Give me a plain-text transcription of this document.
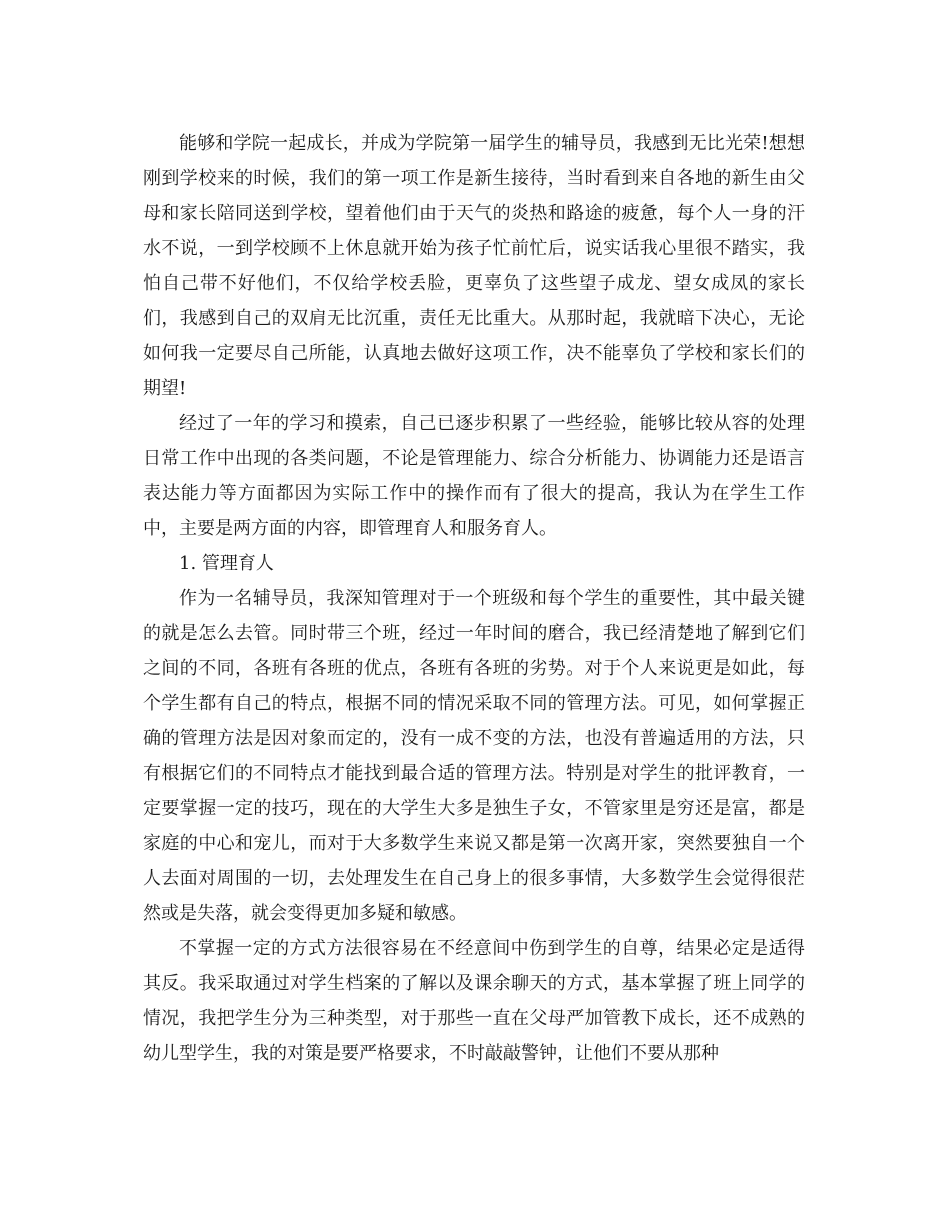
能够和学院一起成长，并成为学院第一届学生的辅导员，我感到无比光荣!想想刚到学校来的时候，我们的第一项工作是新生接待，当时看到来自各地的新生由父母和家长陪同送到学校，望着他们由于天气的炎热和路途的疲惫，每个人一身的汗水不说，一到学校顾不上休息就开始为孩子忙前忙后，说实话我心里很不踏实，我怕自己带不好他们，不仅给学校丢脸，更辜负了这些望子成龙、望女成凤的家长们，我感到自己的双肩无比沉重，责任无比重大。从那时起，我就暗下决心，无论如何我一定要尽自己所能，认真地去做好这项工作，决不能辜负了学校和家长们的期望!

经过了一年的学习和摸索，自己已逐步积累了一些经验，能够比较从容的处理日常工作中出现的各类问题，不论是管理能力、综合分析能力、协调能力还是语言表达能力等方面都因为实际工作中的操作而有了很大的提高，我认为在学生工作中，主要是两方面的内容，即管理育人和服务育人。

1. 管理育人

作为一名辅导员，我深知管理对于一个班级和每个学生的重要性，其中最关键的就是怎么去管。同时带三个班，经过一年时间的磨合，我已经清楚地了解到它们之间的不同，各班有各班的优点，各班有各班的劣势。对于个人来说更是如此，每个学生都有自己的特点，根据不同的情况采取不同的管理方法。可见，如何掌握正确的管理方法是因对象而定的，没有一成不变的方法，也没有普遍适用的方法，只有根据它们的不同特点才能找到最合适的管理方法。特别是对学生的批评教育，一定要掌握一定的技巧，现在的大学生大多是独生子女，不管家里是穷还是富，都是家庭的中心和宠儿，而对于大多数学生来说又都是第一次离开家，突然要独自一个人去面对周围的一切，去处理发生在自己身上的很多事情，大多数学生会觉得很茫然或是失落，就会变得更加多疑和敏感。

不掌握一定的方式方法很容易在不经意间中伤到学生的自尊，结果必定是适得其反。我采取通过对学生档案的了解以及课余聊天的方式，基本掌握了班上同学的情况，我把学生分为三种类型，对于那些一直在父母严加管教下成长，还不成熟的幼儿型学生，我的对策是要严格要求，不时敲敲警钟，让他们不要从那种
